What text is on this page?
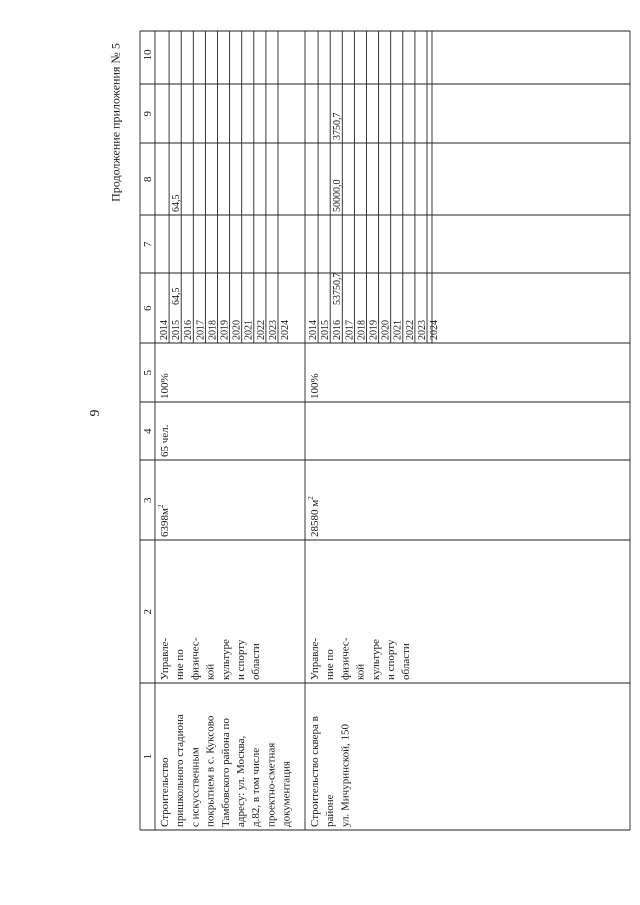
9
Продолжение приложения № 5
1
2
3
4
5
6
7
8
9
10
Строительство пришкольного стадиона с искусственным покрытием в с. Куксово Тамбовского района по адресу: ул. Москва, д.82, в том числе проектно-сметная документация
Управле- ние по физичес- кой культуре и спорту области
$6398м^2$
65 чел.
100%
2014 2015
64,5
64,5
2016 2017 2018 2019 2020 2021 2022 2023 2024
Строительство сквера в районе ул. Мичуринской, 150
Управле- ние по физичес- кой культуре и спорту области
28580 $м^2$
100%
2014 2015 2016
53750,7
50000,0
3750,7
2017 2018 2019 2020 2021 2022 2023 2024
